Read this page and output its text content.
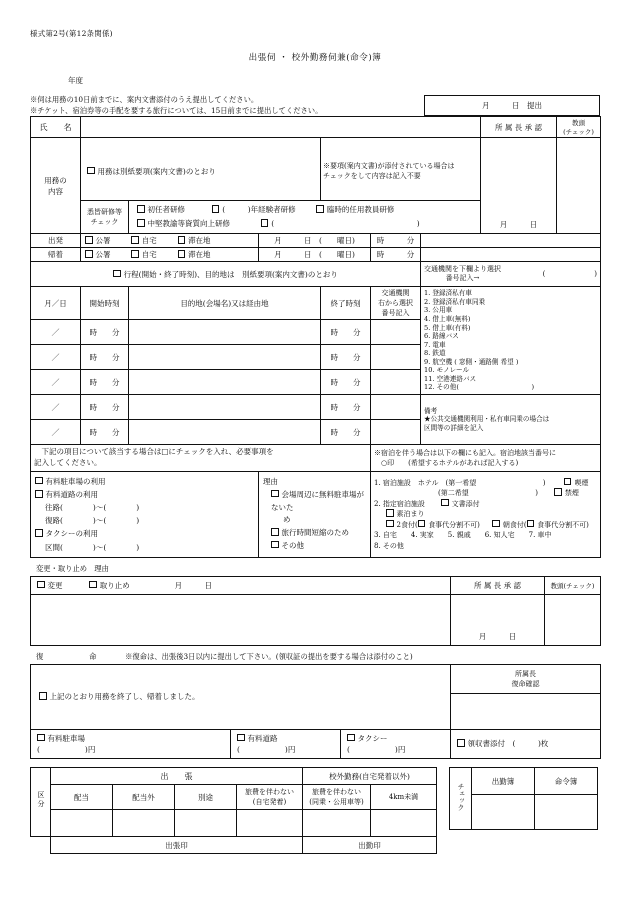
様式第2号(第12条関係)
出張伺 ・ 校外勤務伺兼(命令)簿
年度
※伺は用務の10日前までに、案内文書添付のうえ提出してください。
※チケット、宿泊券等の手配を要する旅行については、15日前までに提出してください。	月　　　日　提出
氏　　名							所 属 長 承 認	教頭
(チェック)

用務の
内容
	用務は別紙要項(案内文書)のとおり	
※要項(案内文書)が添付されている場合は
チェックをして内容は記入不要
	月　　　日	

悉皆研修等
チェック

初任者研修	(　　　)年経験者研修	臨時的任用教員研修
中堅教諭等資質向上研修	(　　　　　　　　　　　　　　　　　　　)

出発	公署 自宅 滞在地		月　　　日　(　　曜日)		時　　　分			
帰着	公署 自宅 滞在地		月　　　日　(　　曜日)		時　　　分			
行程(開始・終了時刻)、目的地は　別紙要項(案内文書)のとおり						交通機関を下欄より選択
番号記入→ (　　　　　　　)		

月／日	開始時刻	目的地(会場名)又は経由地	終了時刻	
交通機関
右から選択
番号記入

1. 登録済私有車
2. 登録済私有車同乗
3. 公用車
4. 借上車(無料)
5. 借上車(有料)
6. 路線バス
7. 電車
8. 鉄道
9. 航空機 ( 窓側・通路側 希望 )
10. モノレール
11. 空港連絡バス
12. その他(　　　　　　　　　　　)

／	時　　分			時　　分				
／	時　　分			時　　分				
／	時　　分			時　　分				
／	時　　分			時　　分		備考
★公共交通機関利用・私有車同乗の場合は
区間等の詳細を記入		

／	時　　分			時　　分				

　下記の項目について該当する場合は□にチェックを入れ、必要事項を
記入してください。

※宿泊を伴う場合は以下の欄にも記入。宿泊地該当番号に
　○印　　(希望するホテルがあれば記入する)

有料駐車場の利用
有料道路の利用
往路(　　　　)〜(　　　　)
復路(　　　　)〜(　　　　)
タクシーの利用
区間(　　　　)〜(　　　　)

理由
会場周辺に無料駐車場がないた
め
旅行時間短縮のため
その他

1. 宿泊施設　ホテル　(第一希望	)	喫煙
(第二希望	)	禁煙
2. 指定宿泊施設　　 文書添付
素泊まり
2食付( 食事代分割不可)	朝食付( 食事代分割不可)
3. 自宅　　4. 実家　　5. 親戚　　6. 知人宅　　7. 車中
8. その他
変更・取り止め　理由
変更 取り止め 月　　　日	所 属 長 承 認	教頭(チェック)
	月　　　日	
復　　　命	※復命は、出張後3日以内に提出して下さい。(領収証の提出を要する場合は添付のこと)
上記のとおり用務を終了し、帰着しました。			所属長
復命確認

有料駐車場
(　　　　　　)円

有料道路
(　　　　　　)円

タクシー
(　　　　　　)円
	領収書添付　(　　　)枚
区分	出　　張				校外勤務(自宅発着以外)	
配当	配当外	別途	
旅費を伴わない
(自宅発着)

旅費を伴わない
(同乗・公用車等)
	4km未満

	出張印				出勤印	
チェック	出勤簿	命令簿
